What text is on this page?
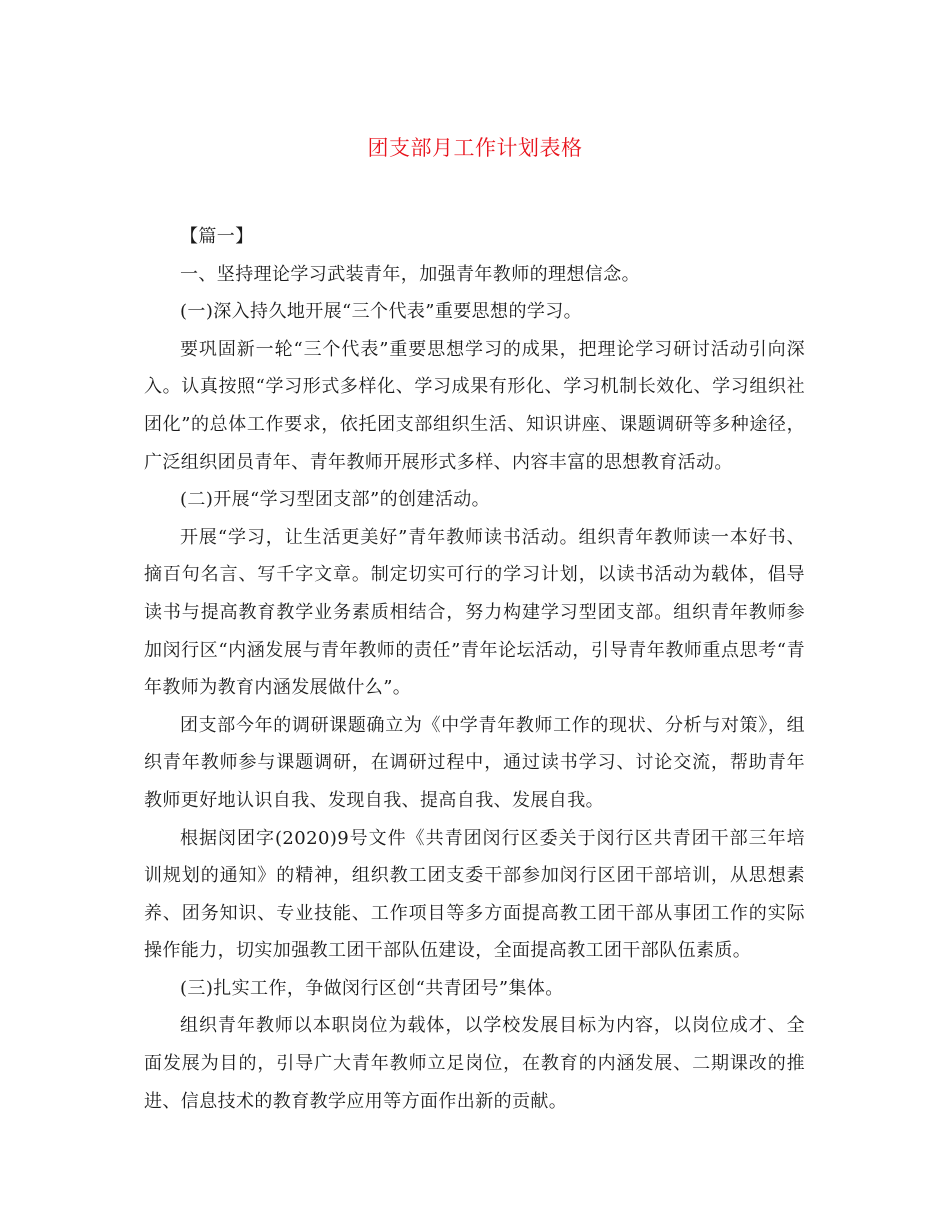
团支部月工作计划表格

【篇一】

一、坚持理论学习武装青年，加强青年教师的理想信念。

(一)深入持久地开展“三个代表”重要思想的学习。

要巩固新一轮“三个代表”重要思想学习的成果，把理论学习研讨活动引向深入。认真按照“学习形式多样化、学习成果有形化、学习机制长效化、学习组织社团化”的总体工作要求，依托团支部组织生活、知识讲座、课题调研等多种途径，广泛组织团员青年、青年教师开展形式多样、内容丰富的思想教育活动。

(二)开展“学习型团支部”的创建活动。

开展“学习，让生活更美好”青年教师读书活动。组织青年教师读一本好书、摘百句名言、写千字文章。制定切实可行的学习计划，以读书活动为载体，倡导读书与提高教育教学业务素质相结合，努力构建学习型团支部。组织青年教师参加闵行区“内涵发展与青年教师的责任”青年论坛活动，引导青年教师重点思考“青年教师为教育内涵发展做什么”。

团支部今年的调研课题确立为《中学青年教师工作的现状、分析与对策》，组织青年教师参与课题调研，在调研过程中，通过读书学习、讨论交流，帮助青年教师更好地认识自我、发现自我、提高自我、发展自我。

根据闵团字(2020)9号文件《共青团闵行区委关于闵行区共青团干部三年培训规划的通知》的精神，组织教工团支委干部参加闵行区团干部培训，从思想素养、团务知识、专业技能、工作项目等多方面提高教工团干部从事团工作的实际操作能力，切实加强教工团干部队伍建设，全面提高教工团干部队伍素质。

(三)扎实工作，争做闵行区创“共青团号”集体。

组织青年教师以本职岗位为载体，以学校发展目标为内容，以岗位成才、全面发展为目的，引导广大青年教师立足岗位，在教育的内涵发展、二期课改的推进、信息技术的教育教学应用等方面作出新的贡献。
